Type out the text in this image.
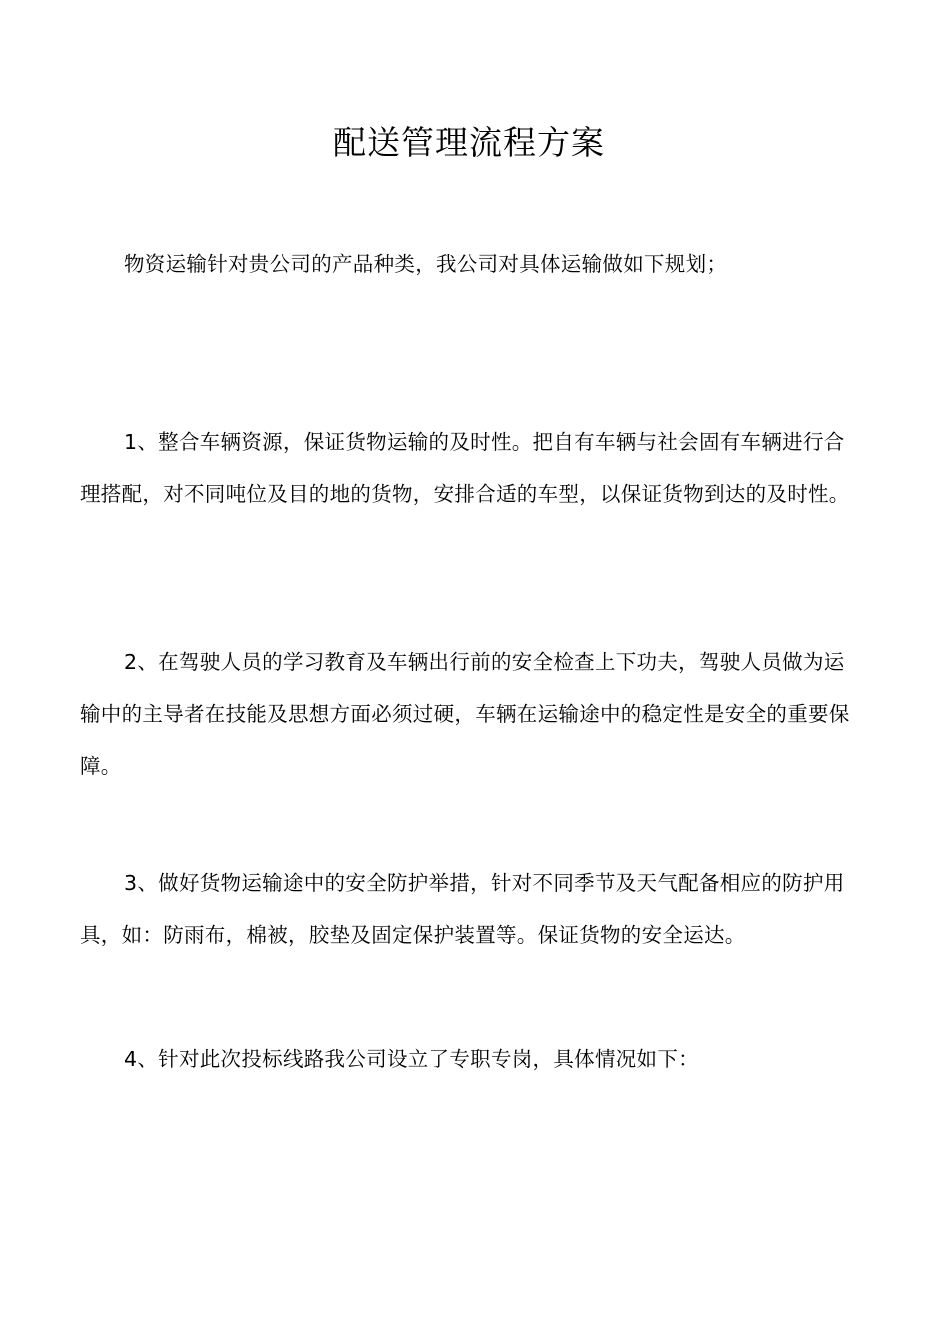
配送管理流程方案

物资运输针对贵公司的产品种类，我公司对具体运输做如下规划；

1、整合车辆资源，保证货物运输的及时性。把自有车辆与社会固有车辆进行合理搭配，对不同吨位及目的地的货物，安排合适的车型，以保证货物到达的及时性。

2、在驾驶人员的学习教育及车辆出行前的安全检查上下功夫，驾驶人员做为运输中的主导者在技能及思想方面必须过硬，车辆在运输途中的稳定性是安全的重要保障。

3、做好货物运输途中的安全防护举措，针对不同季节及天气配备相应的防护用具，如：防雨布，棉被，胶垫及固定保护装置等。保证货物的安全运达。

4、针对此次投标线路我公司设立了专职专岗，具体情况如下：
